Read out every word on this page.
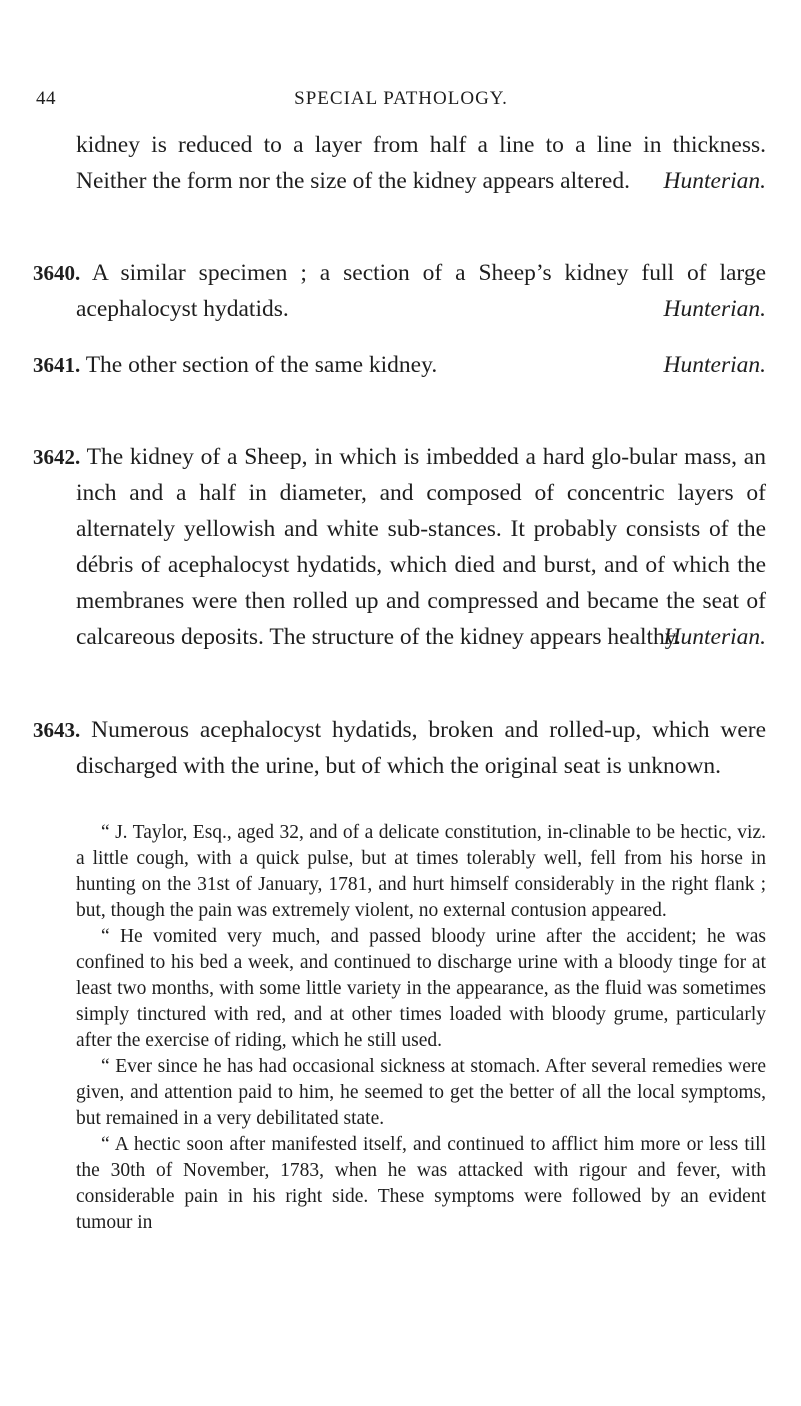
44	SPECIAL PATHOLOGY.

kidney is reduced to a layer from half a line to a line in thickness. Neither the form nor the size of the kidney appears altered.	Hunterian.

3640. A similar specimen ; a section of a Sheep’s kidney full of large acephalocyst hydatids.	Hunterian.

3641. The other section of the same kidney.	Hunterian.

3642. The kidney of a Sheep, in which is imbedded a hard glo-bular mass, an inch and a half in diameter, and composed of concentric layers of alternately yellowish and white sub-stances. It probably consists of the débris of acephalocyst hydatids, which died and burst, and of which the membranes were then rolled up and compressed and became the seat of calcareous deposits. The structure of the kidney appears healthy.

Hunterian.

3643. Numerous acephalocyst hydatids, broken and rolled-up, which were discharged with the urine, but of which the original seat is unknown.

“ J. Taylor, Esq., aged 32, and of a delicate constitution, in-clinable to be hectic, viz. a little cough, with a quick pulse, but at times tolerably well, fell from his horse in hunting on the 31st of January, 1781, and hurt himself considerably in the right flank ; but, though the pain was extremely violent, no external contusion appeared.

“ He vomited very much, and passed bloody urine after the accident; he was confined to his bed a week, and continued to discharge urine with a bloody tinge for at least two months, with some little variety in the appearance, as the fluid was sometimes simply tinctured with red, and at other times loaded with bloody grume, particularly after the exercise of riding, which he still used.

“ Ever since he has had occasional sickness at stomach. After several remedies were given, and attention paid to him, he seemed to get the better of all the local symptoms, but remained in a very debilitated state.

“ A hectic soon after manifested itself, and continued to afflict him more or less till the 30th of November, 1783, when he was attacked with rigour and fever, with considerable pain in his right side. These symptoms were followed by an evident tumour in
